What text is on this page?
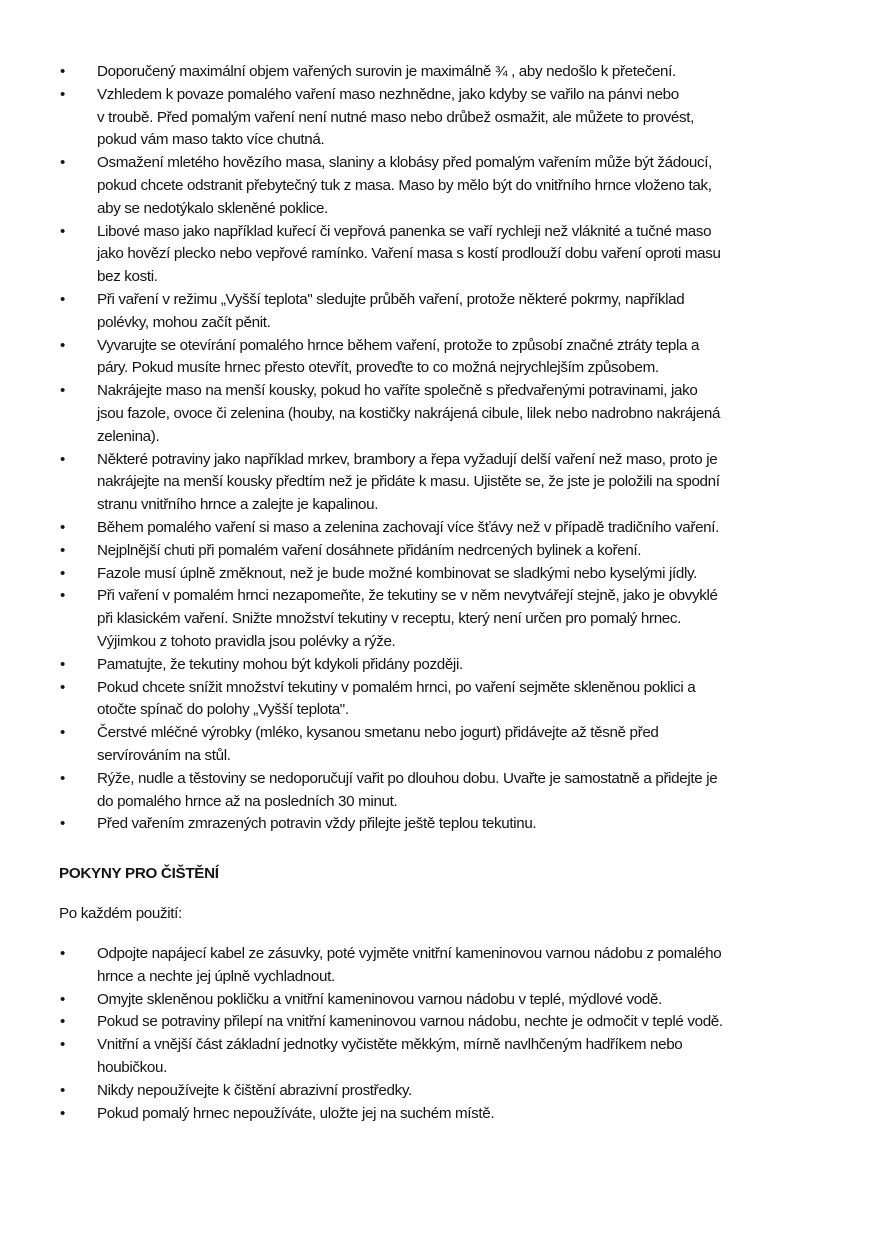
• Doporučený maximální objem vařených surovin je maximálně ¾ , aby nedošlo k přetečení.
• Vzhledem k povaze pomalého vaření maso nezhnědne, jako kdyby se vařilo na pánvi nebo
v troubě. Před pomalým vaření není nutné maso nebo drůbež osmažit, ale můžete to provést,
pokud vám maso takto více chutná.
• Osmažení mletého hovězího masa, slaniny a klobásy před pomalým vařením může být žádoucí,
pokud chcete odstranit přebytečný tuk z masa. Maso by mělo být do vnitřního hrnce vloženo tak,
aby se nedotýkalo skleněné poklice.
• Libové maso jako například kuřecí či vepřová panenka se vaří rychleji než vláknité a tučné maso
jako hovězí plecko nebo vepřové ramínko. Vaření masa s kostí prodlouží dobu vaření oproti masu
bez kosti.
• Při vaření v režimu „Vyšší teplota" sledujte průběh vaření, protože některé pokrmy, například
polévky, mohou začít pěnit.
• Vyvarujte se otevírání pomalého hrnce během vaření, protože to způsobí značné ztráty tepla a
páry. Pokud musíte hrnec přesto otevřít, proveďte to co možná nejrychlejším způsobem.
• Nakrájejte maso na menší kousky, pokud ho vaříte společně s předvařenými potravinami, jako
jsou fazole, ovoce či zelenina (houby, na kostičky nakrájená cibule, lilek nebo nadrobno nakrájená
zelenina).
• Některé potraviny jako například mrkev, brambory a řepa vyžadují delší vaření než maso, proto je
nakrájejte na menší kousky předtím než je přidáte k masu. Ujistěte se, že jste je položili na spodní
stranu vnitřního hrnce a zalejte je kapalinou.
• Během pomalého vaření si maso a zelenina zachovají více šťávy než v případě tradičního vaření.
• Nejplnější chuti při pomalém vaření dosáhnete přidáním nedrcených bylinek a koření.
• Fazole musí úplně změknout, než je bude možné kombinovat se sladkými nebo kyselými jídly.
• Při vaření v pomalém hrnci nezapomeňte, že tekutiny se v něm nevytvářejí stejně, jako je obvyklé
při klasickém vaření. Snižte množství tekutiny v receptu, který není určen pro pomalý hrnec.
Výjimkou z tohoto pravidla jsou polévky a rýže.
• Pamatujte, že tekutiny mohou být kdykoli přidány později.
• Pokud chcete snížit množství tekutiny v pomalém hrnci, po vaření sejměte skleněnou poklici a
otočte spínač do polohy „Vyšší teplota".
• Čerstvé mléčné výrobky (mléko, kysanou smetanu nebo jogurt) přidávejte až těsně před
servírováním na stůl.
• Rýže, nudle a těstoviny se nedoporučují vařit po dlouhou dobu. Uvařte je samostatně a přidejte je
do pomalého hrnce až na posledních 30 minut.
• Před vařením zmrazených potravin vždy přilejte ještě teplou tekutinu.
POKYNY PRO ČIŠTĚNÍ

Po každém použití:

• Odpojte napájecí kabel ze zásuvky, poté vyjměte vnitřní kameninovou varnou nádobu z pomalého
hrnce a nechte jej úplně vychladnout.
• Omyjte skleněnou pokličku a vnitřní kameninovou varnou nádobu v teplé, mýdlové vodě.
• Pokud se potraviny přilepí na vnitřní kameninovou varnou nádobu, nechte je odmočit v teplé vodě.
• Vnitřní a vnější část základní jednotky vyčistěte měkkým, mírně navlhčeným hadříkem nebo
houbičkou.
• Nikdy nepoužívejte k čištění abrazivní prostředky.
• Pokud pomalý hrnec nepoužíváte, uložte jej na suchém místě.
